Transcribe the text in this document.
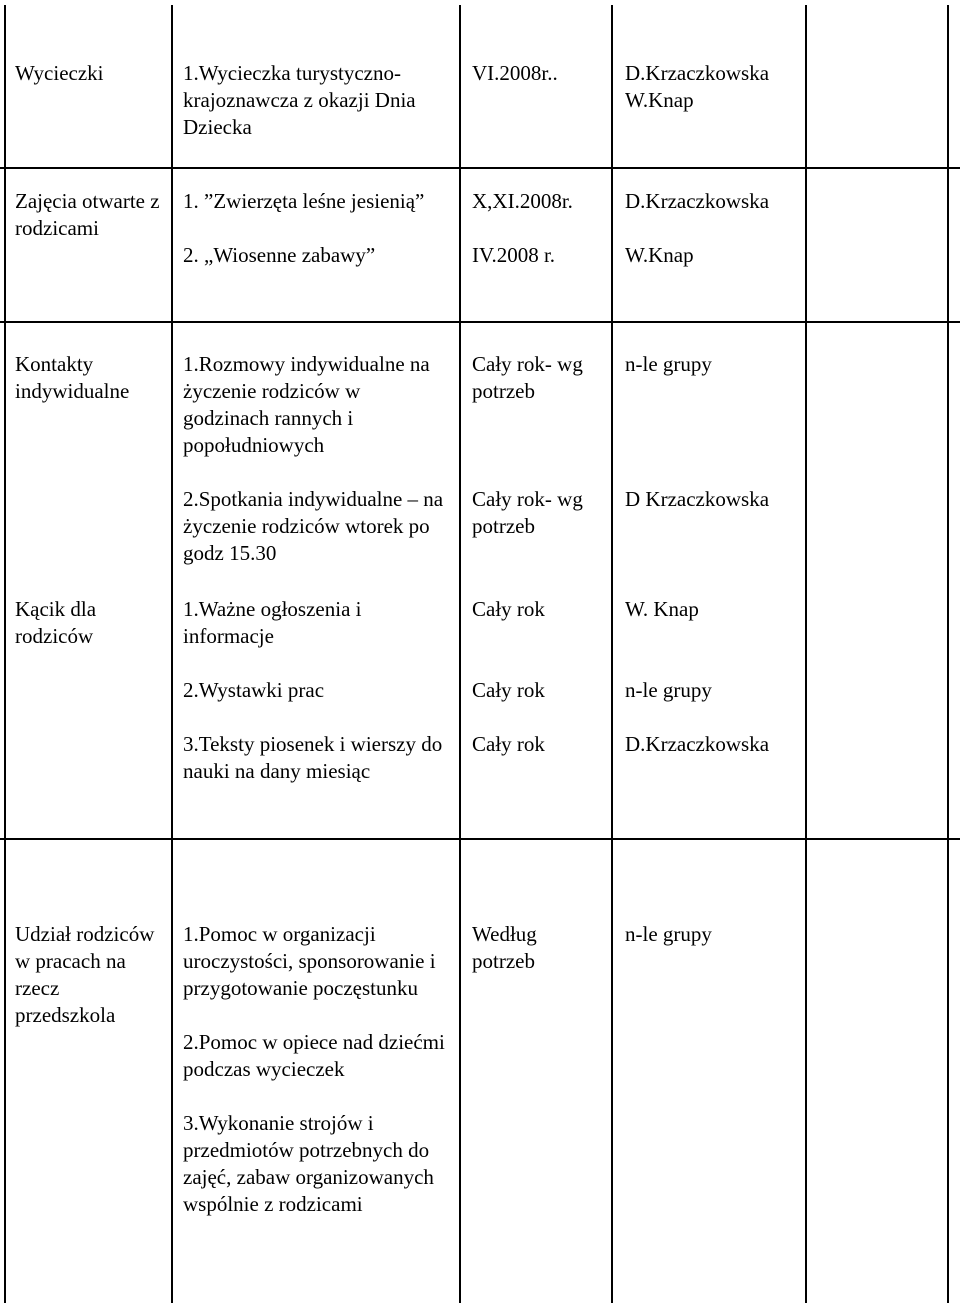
Wycieczki	1.Wycieczka turystyczno-krajoznawcza z okazji Dnia Dziecka

VI.2008r..	D.Krzaczkowska W.Knap

Zajęcia otwarte z rodzicami

1. ”Zwierzęta leśne jesienią”

2. „Wiosenne zabawy”

X,XI.2008r.

IV.2008 r.

D.Krzaczkowska

W.Knap

Kontakty indywidualne

1.Rozmowy indywidualne na życzenie rodziców w godzinach rannych i popołudniowych

2.Spotkania indywidualne – na życzenie rodziców wtorek po godz 15.30

Cały rok- wg potrzeb

Cały rok- wg potrzeb

n-le grupy

D Krzaczkowska

Kącik dla rodziców

1.Ważne ogłoszenia i informacje

2.Wystawki prac

3.Teksty piosenek i wierszy do nauki na dany miesiąc

Cały rok

Cały rok

Cały rok

W. Knap

n-le grupy

D.Krzaczkowska

Udział rodziców w pracach na rzecz przedszkola

1.Pomoc w organizacji uroczystości, sponsorowanie i przygotowanie poczęstunku

2.Pomoc w opiece nad dziećmi podczas wycieczek

3.Wykonanie strojów i przedmiotów potrzebnych do zajęć, zabaw organizowanych wspólnie z rodzicami

Według potrzeb

n-le grupy
